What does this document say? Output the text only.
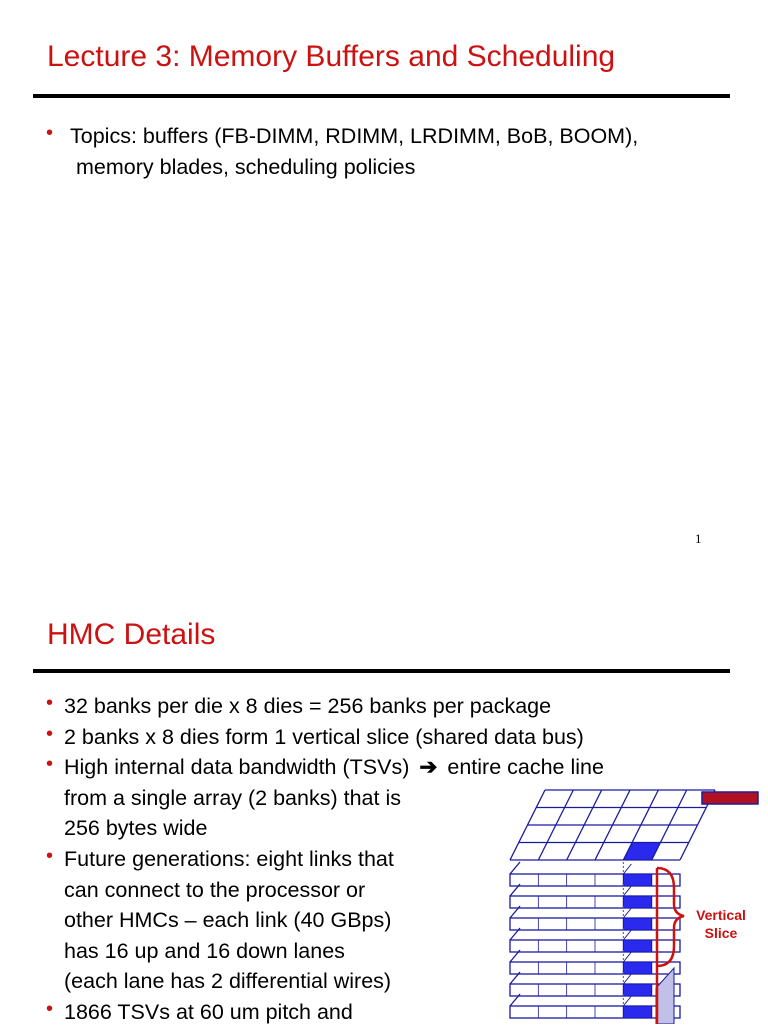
Lecture 3: Memory Buffers and Scheduling
• Topics: buffers (FB-DIMM, RDIMM, LRDIMM, BoB, BOOM),
memory blades, scheduling policies
1
HMC Details
• 32 banks per die x 8 dies = 256 banks per package
• 2 banks x 8 dies form 1 vertical slice (shared data bus)
• High internal data bandwidth (TSVs) ➔ entire cache line
from a single array (2 banks) that is
256 bytes wide
• Future generations: eight links that
can connect to the processor or
other HMCs – each link (40 GBps)
has 16 up and 16 down lanes
(each lane has 2 differential wires)
• 1866 TSVs at 60 um pitch and
Vertical
Slice
